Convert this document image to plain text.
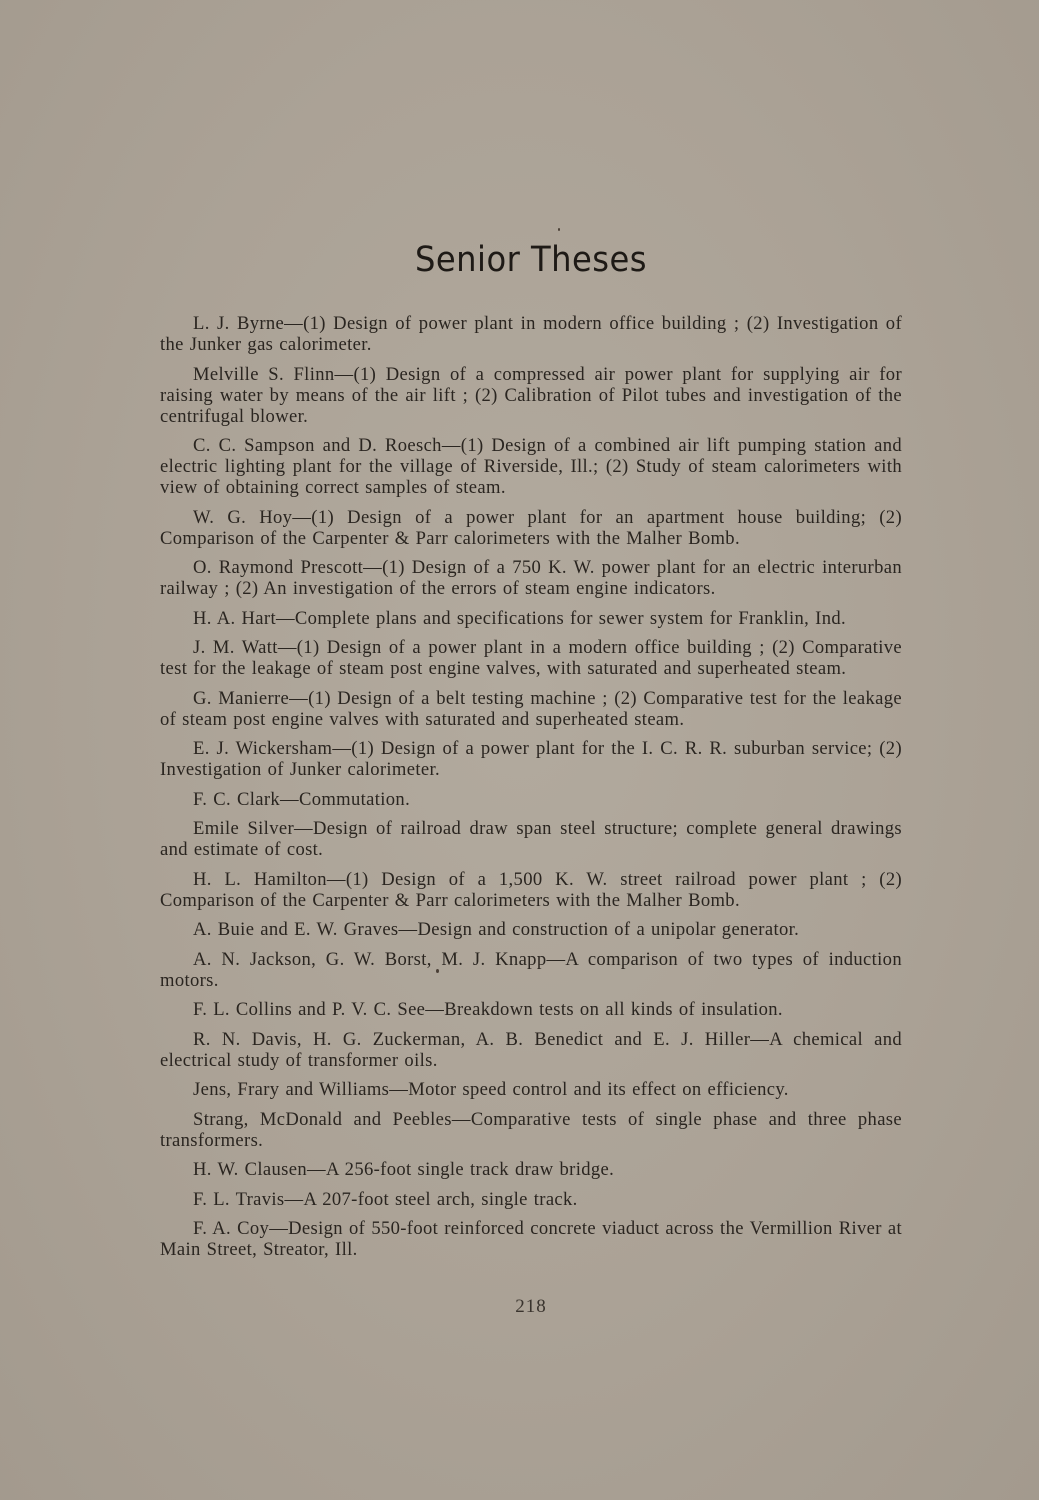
Senior Theses

L. J. Byrne—(1) Design of power plant in modern office building ; (2) Investigation of the Junker gas calorimeter.

Melville S. Flinn—(1) Design of a compressed air power plant for supplying air for raising water by means of the air lift ; (2) Calibration of Pilot tubes and investigation of the centrifugal blower.

C. C. Sampson and D. Roesch—(1) Design of a combined air lift pumping station and electric lighting plant for the village of Riverside, Ill.; (2) Study of steam calorimeters with view of obtaining correct samples of steam.

W. G. Hoy—(1) Design of a power plant for an apartment house building; (2) Comparison of the Carpenter & Parr calorimeters with the Malher Bomb.

O. Raymond Prescott—(1) Design of a 750 K. W. power plant for an electric interurban railway ; (2) An investigation of the errors of steam engine indicators.

H. A. Hart—Complete plans and specifications for sewer system for Franklin, Ind.

J. M. Watt—(1) Design of a power plant in a modern office building ; (2) Comparative test for the leakage of steam post engine valves, with saturated and superheated steam.

G. Manierre—(1) Design of a belt testing machine ; (2) Comparative test for the leakage of steam post engine valves with saturated and superheated steam.

E. J. Wickersham—(1) Design of a power plant for the I. C. R. R. suburban service; (2) Investigation of Junker calorimeter.

F. C. Clark—Commutation.

Emile Silver—Design of railroad draw span steel structure; complete general drawings and estimate of cost.

H. L. Hamilton—(1) Design of a 1,500 K. W. street railroad power plant ; (2) Comparison of the Carpenter & Parr calorimeters with the Malher Bomb.

A. Buie and E. W. Graves—Design and construction of a unipolar generator.

A. N. Jackson, G. W. Borst, M. J. Knapp—A comparison of two types of induction motors.

F. L. Collins and P. V. C. See—Breakdown tests on all kinds of insulation.

R. N. Davis, H. G. Zuckerman, A. B. Benedict and E. J. Hiller—A chemical and electrical study of transformer oils.

Jens, Frary and Williams—Motor speed control and its effect on efficiency.

Strang, McDonald and Peebles—Comparative tests of single phase and three phase transformers.

H. W. Clausen—A 256-foot single track draw bridge.

F. L. Travis—A 207-foot steel arch, single track.

F. A. Coy—Design of 550-foot reinforced concrete viaduct across the Vermillion River at Main Street, Streator, Ill.

218
